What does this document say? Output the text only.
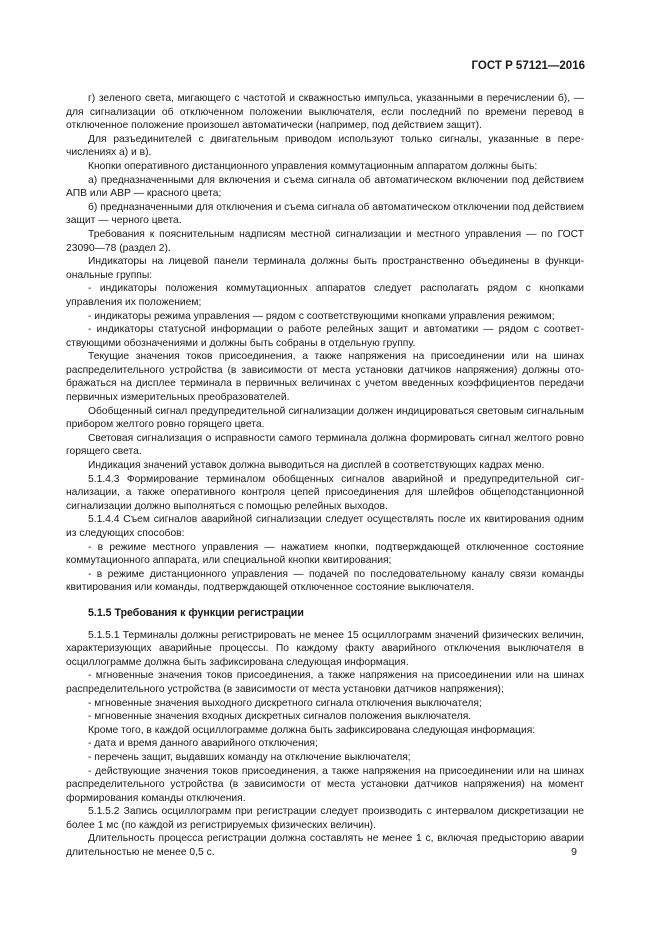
ГОСТ Р 57121—2016

г) зеленого света, мигающего с частотой и скважностью импульса, указанными в перечислении б), — для сигнализации об отключенном положении выключателя, если последний по времени перевод в отключенное положение произошел автоматически (например, под действием защит).

Для разъединителей с двигательным приводом используют только сигналы, указанные в перечислениях а) и в).

Кнопки оперативного дистанционного управления коммутационным аппаратом должны быть:

а) предназначенными для включения и съема сигнала об автоматическом включении под действием АПВ или АВР — красного цвета;

б) предназначенными для отключения и съема сигнала об автоматическом отключении под действием защит — черного цвета.

Требования к пояснительным надписям местной сигнализации и местного управления — по ГОСТ 23090—78 (раздел 2).

Индикаторы на лицевой панели терминала должны быть пространственно объединены в функциональные группы:

- индикаторы положения коммутационных аппаратов следует располагать рядом с кнопками управления их положением;

- индикаторы режима управления — рядом с соответствующими кнопками управления режимом;

- индикаторы статусной информации о работе релейных защит и автоматики — рядом с соответствующими обозначениями и должны быть собраны в отдельную группу.

Текущие значения токов присоединения, а также напряжения на присоединении или на шинах распределительного устройства (в зависимости от места установки датчиков напряжения) должны отображаться на дисплее терминала в первичных величинах с учетом введенных коэффициентов передачи первичных измерительных преобразователей.

Обобщенный сигнал предупредительной сигнализации должен индицироваться световым сигнальным прибором желтого ровно горящего цвета.

Световая сигнализация о исправности самого терминала должна формировать сигнал желтого ровно горящего света.

Индикация значений уставок должна выводиться на дисплей в соответствующих кадрах меню.

5.1.4.3 Формирование терминалом обобщенных сигналов аварийной и предупредительной сигнализации, а также оперативного контроля цепей присоединения для шлейфов общеподстанционной сигнализации должно выполняться с помощью релейных выходов.

5.1.4.4 Съем сигналов аварийной сигнализации следует осуществлять после их квитирования одним из следующих способов:

- в режиме местного управления — нажатием кнопки, подтверждающей отключенное состояние коммутационного аппарата, или специальной кнопки квитирования;

- в режиме дистанционного управления — подачей по последовательному каналу связи команды квитирования или команды, подтверждающей отключенное состояние выключателя.

5.1.5 Требования к функции регистрации

5.1.5.1 Терминалы должны регистрировать не менее 15 осциллограмм значений физических величин, характеризующих аварийные процессы. По каждому факту аварийного отключения выключателя в осциллограмме должна быть зафиксирована следующая информация.

- мгновенные значения токов присоединения, а также напряжения на присоединении или на шинах распределительного устройства (в зависимости от места установки датчиков напряжения);

- мгновенные значения выходного дискретного сигнала отключения выключателя;

- мгновенные значения входных дискретных сигналов положения выключателя.

Кроме того, в каждой осциллограмме должна быть зафиксирована следующая информация:

- дата и время данного аварийного отключения;

- перечень защит, выдавших команду на отключение выключателя;

- действующие значения токов присоединения, а также напряжения на присоединении или на шинах распределительного устройства (в зависимости от места установки датчиков напряжения) на момент формирования команды отключения.

5.1.5.2 Запись осциллограмм при регистрации следует производить с интервалом дискретизации не более 1 мс (по каждой из регистрируемых физических величин).

Длительность процесса регистрации должна составлять не менее 1 с, включая предысторию аварии длительностью не менее 0,5 с.	9
